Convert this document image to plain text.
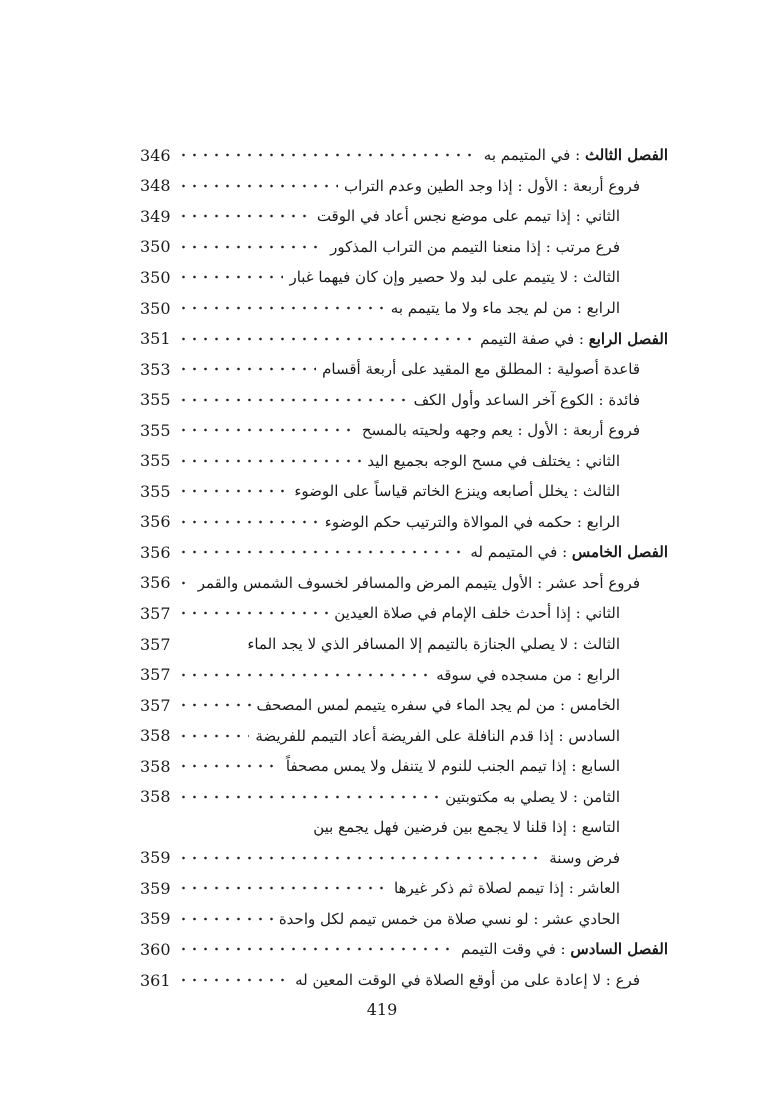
346	الفصل الثالث : في المتيمم به
348	فروع أربعة : الأول : إذا وجد الطين وعدم التراب
349	الثاني : إذا تيمم على موضع نجس أعاد في الوقت
350	فرع مرتب : إذا منعنا التيمم من التراب المذكور
350	الثالث : لا يتيمم على لبد ولا حصير وإن كان فيهما غبار
350	الرابع : من لم يجد ماء ولا ما يتيمم به
351	الفصل الرابع : في صفة التيمم
353	قاعدة أصولية : المطلق مع المقيد على أربعة أقسام
355	فائدة : الكوع آخر الساعد وأول الكف
355	فروع أربعة : الأول : يعم وجهه ولحيته بالمسح
355	الثاني : يختلف في مسح الوجه بجميع اليد
355	الثالث : يخلل أصابعه وينزع الخاتم قياساً على الوضوء
356	الرابع : حكمه في الموالاة والترتيب حكم الوضوء
356	الفصل الخامس : في المتيمم له
356 فروع أحد عشر : الأول يتيمم المرض والمسافر لخسوف الشمس والقمر
357	الثاني : إذا أحدث خلف الإمام في صلاة العيدين
357	الثالث : لا يصلي الجنازة بالتيمم إلا المسافر الذي لا يجد الماء
357	الرابع : من مسجده في سوقه
357	الخامس : من لم يجد الماء في سفره يتيمم لمس المصحف
358	السادس : إذا قدم النافلة على الفريضة أعاد التيمم للفريضة
358	السابع : إذا تيمم الجنب للنوم لا يتنفل ولا يمس مصحفاً
358	الثامن : لا يصلي به مكتوبتين
التاسع : إذا قلنا لا يجمع بين فرضين فهل يجمع بين
359	فرض وسنة
359	العاشر : إذا تيمم لصلاة ثم ذكر غيرها
359	الحادي عشر : لو نسي صلاة من خمس تيمم لكل واحدة
360	الفصل السادس : في وقت التيمم
361	فرع : لا إعادة على من أوقع الصلاة في الوقت المعين له
419
